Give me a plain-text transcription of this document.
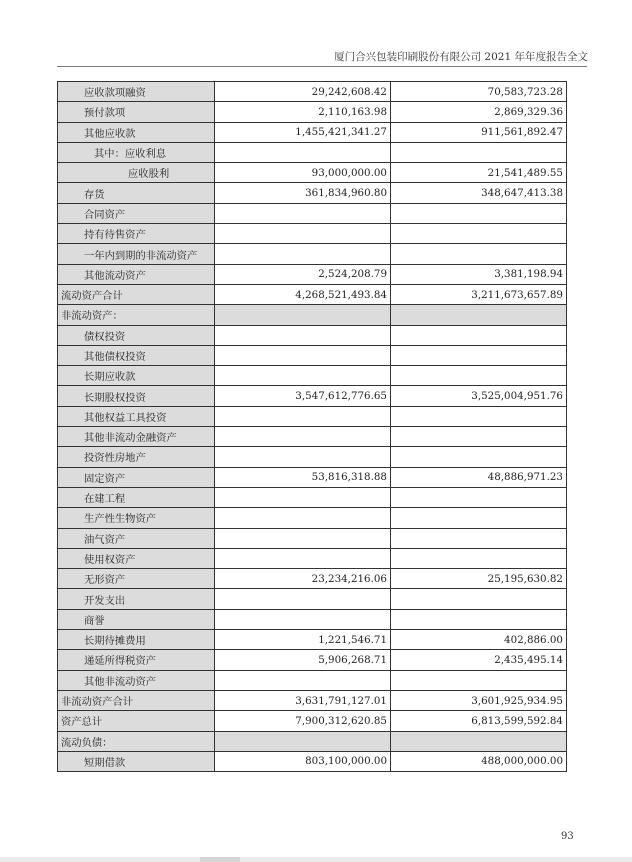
厦门合兴包装印刷股份有限公司 2021 年年度报告全文
应收款项融资	29,242,608.42	70,583,723.28
预付款项	2,110,163.98	2,869,329.36
其他应收款	1,455,421,341.27	911,561,892.47
其中：应收利息		
应收股利	93,000,000.00	21,541,489.55
存货	361,834,960.80	348,647,413.38
合同资产		
持有待售资产		
一年内到期的非流动资产		
其他流动资产	2,524,208.79	3,381,198.94
流动资产合计	4,268,521,493.84	3,211,673,657.89
非流动资产：		
债权投资		
其他债权投资		
长期应收款		
长期股权投资	3,547,612,776.65	3,525,004,951.76
其他权益工具投资		
其他非流动金融资产		
投资性房地产		
固定资产	53,816,318.88	48,886,971.23
在建工程		
生产性生物资产		
油气资产		
使用权资产		
无形资产	23,234,216.06	25,195,630.82
开发支出		
商誉		
长期待摊费用	1,221,546.71	402,886.00
递延所得税资产	5,906,268.71	2,435,495.14
其他非流动资产		
非流动资产合计	3,631,791,127.01	3,601,925,934.95
资产总计	7,900,312,620.85	6,813,599,592.84
流动负债：		
短期借款	803,100,000.00	488,000,000.00
93
